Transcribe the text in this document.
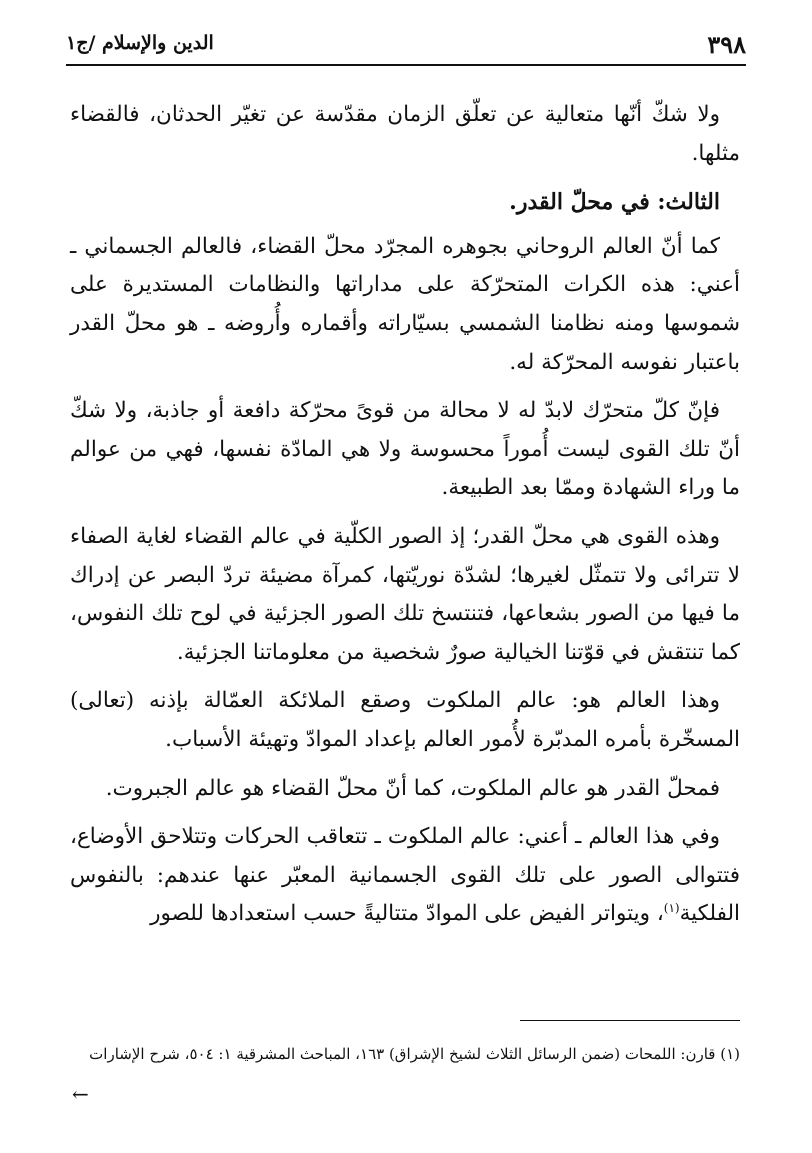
٣٩٨
الدين والإسلام /ج١

ولا شكّ أنّها متعالية عن تعلّق الزمان مقدّسة عن تغيّر الحدثان، فالقضاء مثلها.

الثالث: في محلّ القدر.

كما أنّ العالم الروحاني بجوهره المجرّد محلّ القضاء، فالعالم الجسماني ـ أعني: هذه الكرات المتحرّكة على مداراتها والنظامات المستديرة على شموسها ومنه نظامنا الشمسي بسيّاراته وأقماره وأُروضه ـ هو محلّ القدر باعتبار نفوسه المحرّكة له.

فإنّ كلّ متحرّك لابدّ له لا محالة من قوىً محرّكة دافعة أو جاذبة، ولا شكّ أنّ تلك القوى ليست أُموراً محسوسة ولا هي المادّة نفسها، فهي من عوالم ما وراء الشهادة وممّا بعد الطبيعة.

وهذه القوى هي محلّ القدر؛ إذ الصور الكلّية في عالم القضاء لغاية الصفاء لا تترائى ولا تتمثّل لغيرها؛ لشدّة نوريّتها، كمرآة مضيئة تردّ البصر عن إدراك ما فيها من الصور بشعاعها، فتنتسخ تلك الصور الجزئية في لوح تلك النفوس، كما تنتقش في قوّتنا الخيالية صورٌ شخصية من معلوماتنا الجزئية.

وهذا العالم هو: عالم الملكوت وصقع الملائكة العمّالة بإذنه (تعالى) المسخّرة بأمره المدبّرة لأُمور العالم بإعداد الموادّ وتهيئة الأسباب.

فمحلّ القدر هو عالم الملكوت، كما أنّ محلّ القضاء هو عالم الجبروت.

وفي هذا العالم ـ أعني: عالم الملكوت ـ تتعاقب الحركات وتتلاحق الأوضاع، فتتوالى الصور على تلك القوى الجسمانية المعبّر عنها عندهم: بالنفوس الفلكية$^{(١)}$، ويتواتر الفيض على الموادّ متتاليةً حسب استعدادها للصور

(١) قارن: اللمحات (ضمن الرسائل الثلاث لشيخ الإشراق) ١٦٣، المباحث المشرقية ١: ٥٠٤، شرح الإشارات
←
